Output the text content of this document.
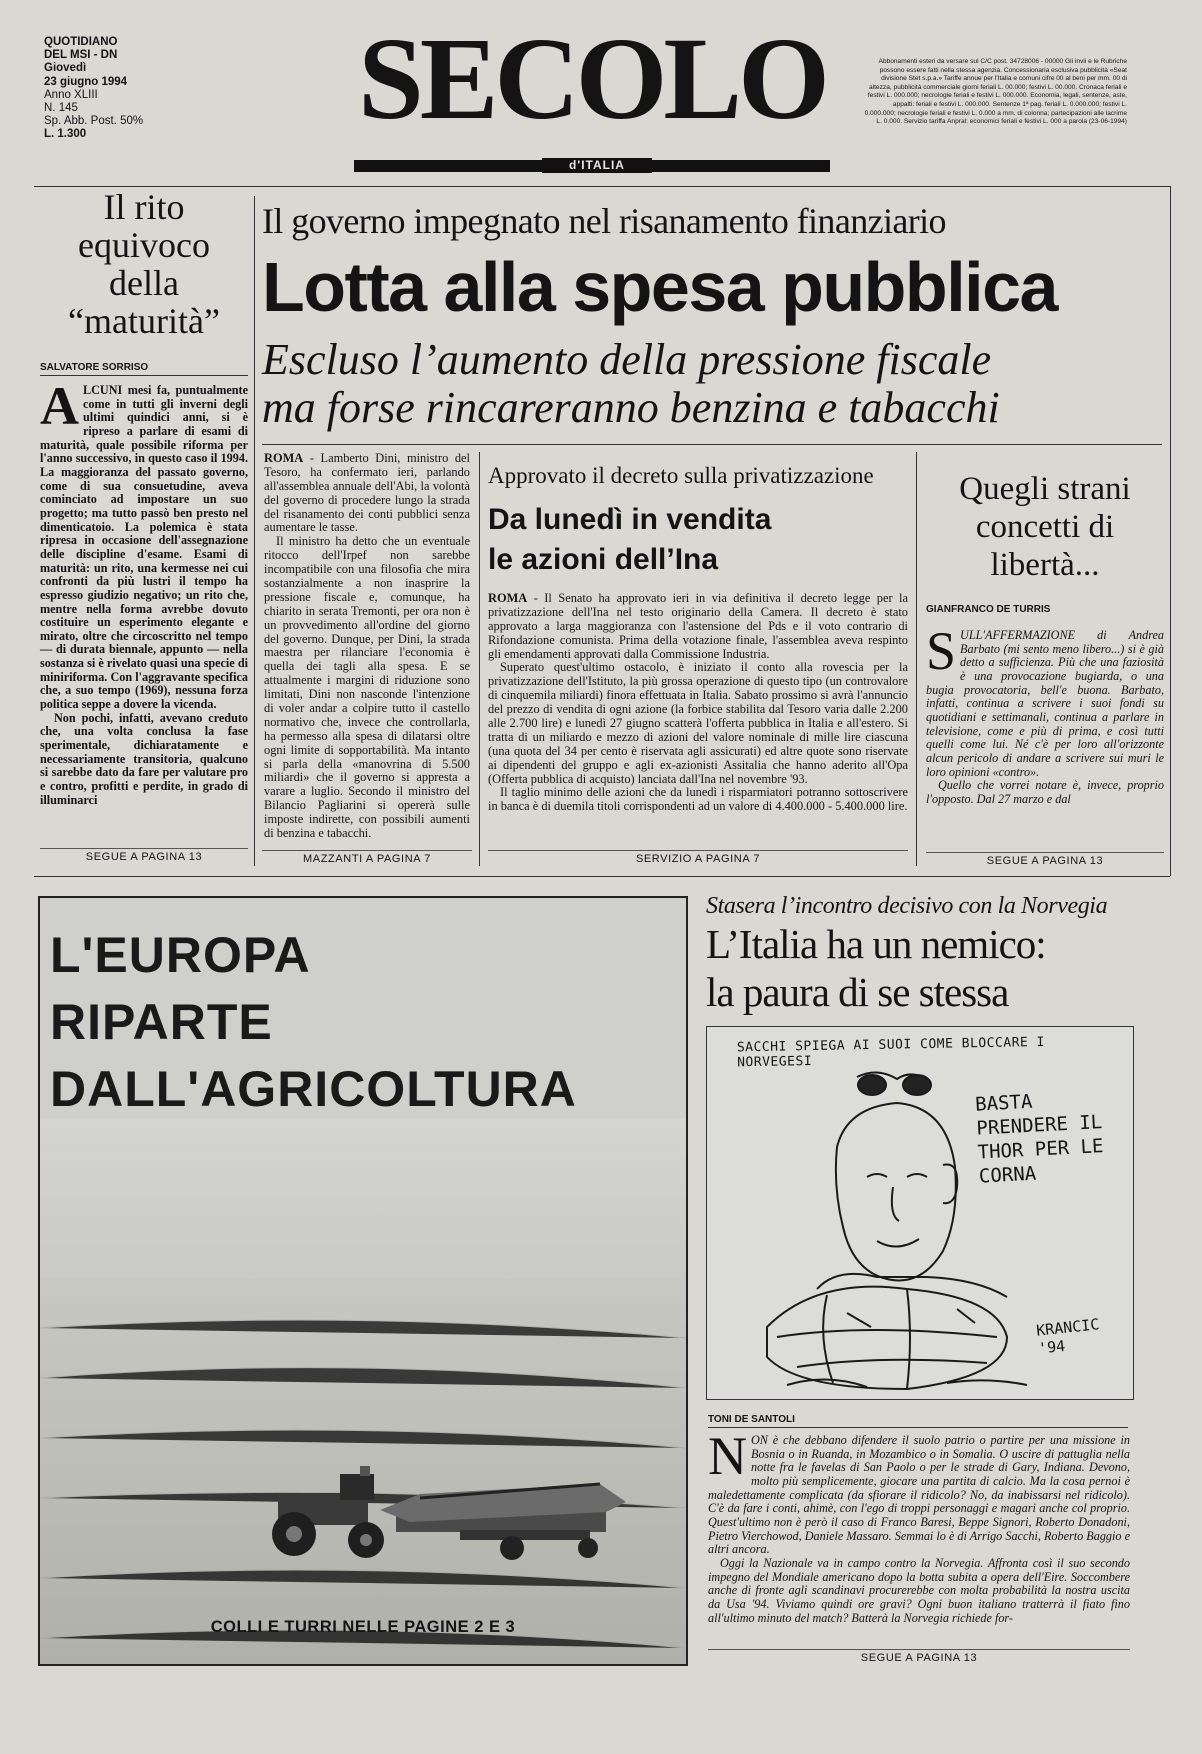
QUOTIDIANO
DEL MSI - DN
Giovedì
23 giugno 1994
Anno XLIII
N. 145
Sp. Abb. Post. 50%
L. 1.300	SECOLO
d'ITALIA
Abbonamenti esteri da versare sul C/C post. 34728006 - 00000 Gli invii e le Rubriche possono essere fatti nella stessa agenzia. Concessionaria esclusiva pubblicità «Seat divisione Stet s.p.a.» Tariffe annue per l'Italia e comuni cifre 00 al beni per mm. 00 di altezza, pubblicità commerciale giorni feriali L. 00.000; festivi L. 00.000. Cronaca feriali e festivi L. 000.000; necrologie feriali e festivi L. 000.000. Economia, legali, sentenze, aste, appalti: feriali e festivi L. 000.000. Sentenze 1ª pag. feriali L. 0.000.000; festivi L. 0.000.000; necrologie feriali e festivi L. 0.000 a mm. di colonna; partecipazioni alle lacrime L. 0.000. Servizio tariffa Anpral: economici feriali e festivi L. 000 a parola (23-06-1994)
Il rito equivoco della “maturità”
SALVATORE SORRISO
A LCUNI mesi fa, puntualmente come in tutti gli inverni degli ultimi quindici anni, si è ripreso a parlare di esami di maturità, quale possibile riforma per l'anno successivo, in questo caso il 1994. La maggioranza del passato governo, come di sua consuetudine, aveva cominciato ad impostare un suo progetto; ma tutto passò ben presto nel dimenticatoio. La polemica è stata ripresa in occasione dell'assegnazione delle discipline d'esame. Esami di maturità: un rito, una kermesse nei cui confronti da più lustri il tempo ha espresso giudizio negativo; un rito che, mentre nella forma avrebbe dovuto costituire un esperimento elegante e mirato, oltre che circoscritto nel tempo — di durata biennale, appunto — nella sostanza si è rivelato quasi una specie di miniriforma. Con l'aggravante specifica che, a suo tempo (1969), nessuna forza politica seppe a dovere la vicenda.
Non pochi, infatti, avevano creduto che, una volta conclusa la fase sperimentale, dichiaratamente e necessariamente transitoria, qualcuno si sarebbe dato da fare per valutare pro e contro, profitti e perdite, in grado di illuminarci
SEGUE A PAGINA 13
Il governo impegnato nel risanamento finanziario
Lotta alla spesa pubblica
Escluso l’aumento della pressione fiscale
ma forse rincareranno benzina e tabacchi
ROMA - Lamberto Dini, ministro del Tesoro, ha confermato ieri, parlando all'assemblea annuale dell'Abi, la volontà del governo di procedere lungo la strada del risanamento dei conti pubblici senza aumentare le tasse.
Il ministro ha detto che un eventuale ritocco dell'Irpef non sarebbe incompatibile con una filosofia che mira sostanzialmente a non inasprire la pressione fiscale e, comunque, ha chiarito in serata Tremonti, per ora non è un provvedimento all'ordine del giorno del governo. Dunque, per Dini, la strada maestra per rilanciare l'economia è quella dei tagli alla spesa. E se attualmente i margini di riduzione sono limitati, Dini non nasconde l'intenzione di voler andar a colpire tutto il castello normativo che, invece che controllarla, ha permesso alla spesa di dilatarsi oltre ogni limite di sopportabilità. Ma intanto si parla della «manovrina di 5.500 miliardi» che il governo si appresta a varare a luglio. Secondo il ministro del Bilancio Pagliarini si opererà sulle imposte indirette, con possibili aumenti di benzina e tabacchi.
MAZZANTI A PAGINA 7
Approvato il decreto sulla privatizzazione
Da lunedì in vendita
le azioni dell’Ina
ROMA - Il Senato ha approvato ieri in via definitiva il decreto legge per la privatizzazione dell'Ina nel testo originario della Camera. Il decreto è stato approvato a larga maggioranza con l'astensione del Pds e il voto contrario di Rifondazione comunista. Prima della votazione finale, l'assemblea aveva respinto gli emendamenti approvati dalla Commissione Industria.
Superato quest'ultimo ostacolo, è iniziato il conto alla rovescia per la privatizzazione dell'Istituto, la più grossa operazione di questo tipo (un controvalore di cinquemila miliardi) finora effettuata in Italia. Sabato prossimo si avrà l'annuncio del prezzo di vendita di ogni azione (la forbice stabilita dal Tesoro varia dalle 2.200 alle 2.700 lire) e lunedì 27 giugno scatterà l'offerta pubblica in Italia e all'estero. Si tratta di un miliardo e mezzo di azioni del valore nominale di mille lire ciascuna (una quota del 34 per cento è riservata agli assicurati) ed altre quote sono riservate ai dipendenti del gruppo e agli ex-azionisti Assitalia che hanno aderito all'Opa (Offerta pubblica di acquisto) lanciata dall'Ina nel novembre '93.
Il taglio minimo delle azioni che da lunedì i risparmiatori potranno sottoscrivere in banca è di duemila titoli corrispondenti ad un valore di 4.400.000 - 5.400.000 lire.
SERVIZIO A PAGINA 7
Quegli strani concetti di libertà...
GIANFRANCO DE TURRIS
S ULL'AFFERMAZIONE di Andrea Barbato (mi sento meno libero...) si è già detto a sufficienza. Più che una faziosità è una provocazione bugiarda, o una bugia provocatoria, bell'e buona. Barbato, infatti, continua a scrivere i suoi fondi su quotidiani e settimanali, continua a parlare in televisione, come e più di prima, e così tutti quelli come lui. Né c'è per loro all'orizzonte alcun pericolo di andare a scrivere sui muri le loro opinioni «contro».
Quello che vorrei notare è, invece, proprio l'opposto. Dal 27 marzo e dal
SEGUE A PAGINA 13
L'EUROPA
RIPARTE
DALL'AGRICOLTURA
COLLI E TURRI NELLE PAGINE 2 E 3
Stasera l’incontro decisivo con la Norvegia
L’Italia ha un nemico:
la paura di se stessa
SACCHI SPIEGA AI SUOI COME BLOCCARE I NORVEGESI
BASTA PRENDERE IL THOR PER LE CORNA
KRANCIC '94
TONI DE SANTOLI
N ON è che debbano difendere il suolo patrio o partire per una missione in Bosnia o in Ruanda, in Mozambico o in Somalia. O uscire di pattuglia nella notte fra le favelas di San Paolo o per le strade di Gary, Indiana. Devono, molto più semplicemente, giocare una partita di calcio. Ma la cosa pernoi è maledettamente complicata (da sfiorare il ridicolo? No, da inabissarsi nel ridicolo). C'è da fare i conti, ahimè, con l'ego di troppi personaggi e magari anche col proprio. Quest'ultimo non è però il caso di Franco Baresi, Beppe Signori, Roberto Donadoni, Pietro Vierchowod, Daniele Massaro. Semmai lo è di Arrigo Sacchi, Roberto Baggio e altri ancora.
Oggi la Nazionale va in campo contro la Norvegia. Affronta così il suo secondo impegno del Mondiale americano dopo la botta subita a opera dell'Eire. Soccombere anche di fronte agli scandinavi procurerebbe con molta probabilità la nostra uscita da Usa '94. Viviamo quindi ore gravi? Ogni buon italiano tratterrà il fiato fino all'ultimo minuto del match? Batterà la Norvegia richiede for-
SEGUE A PAGINA 13
